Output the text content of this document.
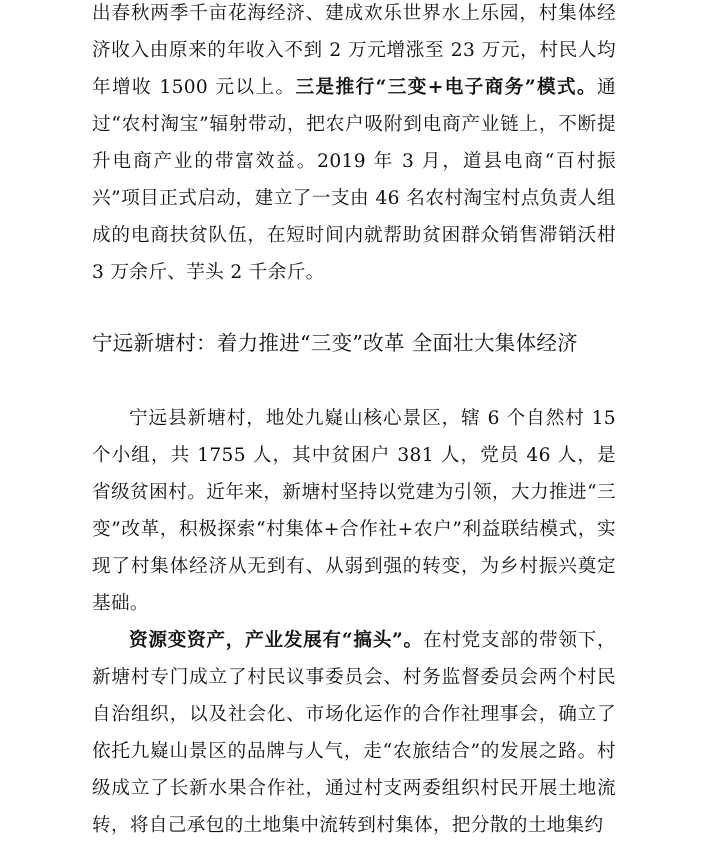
出春秋两季千亩花海经济、建成欢乐世界水上乐园，村集体经济收入由原来的年收入不到 2 万元增涨至 23 万元，村民人均年增收 1500 元以上。三是推行“三变+电子商务”模式。通过“农村淘宝”辐射带动，把农户吸附到电商产业链上，不断提升电商产业的带富效益。2019 年 3 月，道县电商“百村振兴”项目正式启动，建立了一支由 46 名农村淘宝村点负责人组成的电商扶贫队伍，在短时间内就帮助贫困群众销售滞销沃柑 3 万余斤、芋头 2 千余斤。

宁远新塘村：着力推进“三变”改革 全面壮大集体经济

宁远县新塘村，地处九嶷山核心景区，辖 6 个自然村 15 个小组，共 1755 人，其中贫困户 381 人，党员 46 人，是省级贫困村。近年来，新塘村坚持以党建为引领，大力推进“三变”改革，积极探索“村集体+合作社+农户”利益联结模式，实现了村集体经济从无到有、从弱到强的转变，为乡村振兴奠定基础。

资源变资产，产业发展有“搞头”。在村党支部的带领下，新塘村专门成立了村民议事委员会、村务监督委员会两个村民自治组织，以及社会化、市场化运作的合作社理事会，确立了依托九嶷山景区的品牌与人气，走“农旅结合”的发展之路。村级成立了长新水果合作社，通过村支两委组织村民开展土地流转，将自己承包的土地集中流转到村集体，把分散的土地集约
